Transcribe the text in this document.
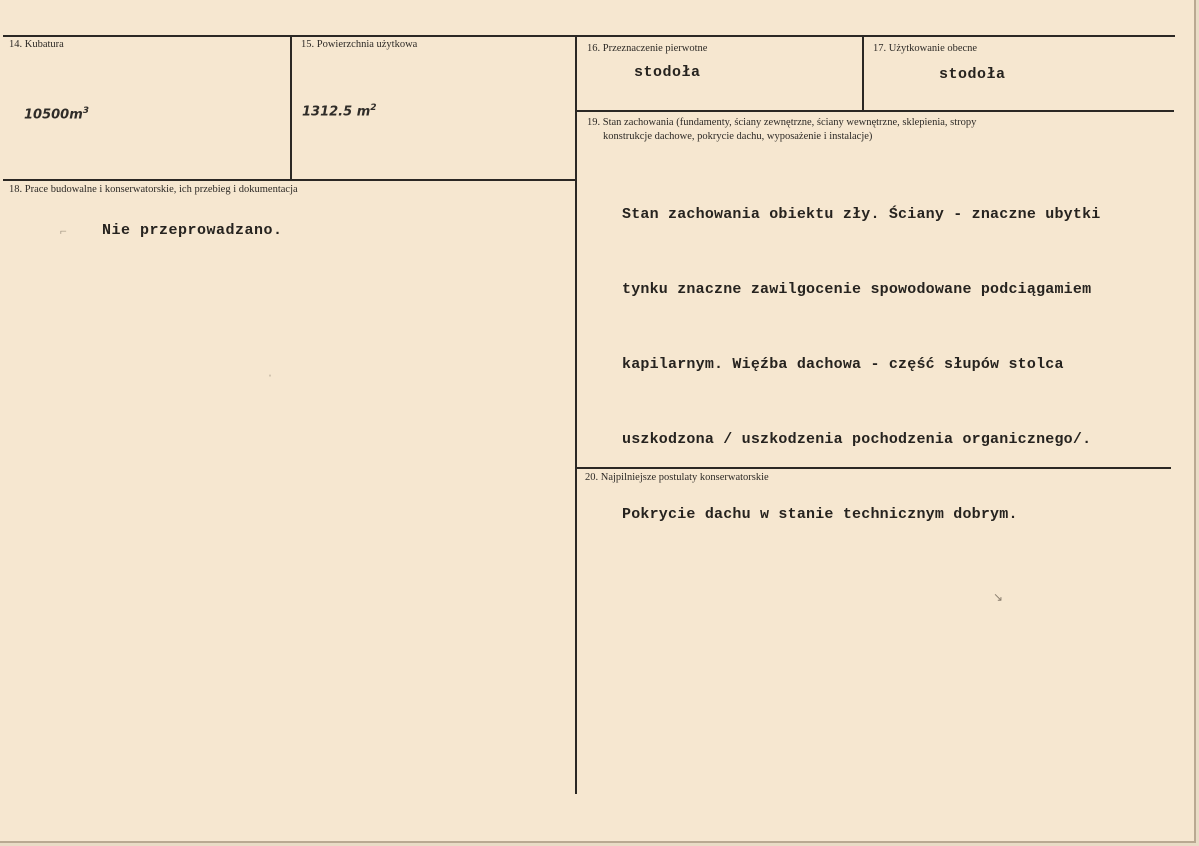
14. Kubatura
$10500m^3$
15. Powierzchnia użytkowa
1312.5 $m^2$
16. Przeznaczenie pierwotne
stodoła
17. Użytkowanie obecne
stodoła
18. Prace budowalne i konserwatorskie, ich przebieg i dokumentacja
Nie przeprowadzano.
19. Stan zachowania (fundamenty, ściany zewnętrzne, ściany wewnętrzne, sklepienia, stropy
konstrukcje dachowe, pokrycie dachu, wyposażenie i instalacje)

Stan zachowania obiektu zły. Ściany - znaczne ubytki

tynku znaczne zawilgocenie spowodowane podciągamiem

kapilarnym. Więźba dachowa - część słupów stolca

uszkodzona / uszkodzenia pochodzenia organicznego/.

Pokrycie dachu w stanie technicznym dobrym.

20. Najpilniejsze postulaty konserwatorskie
⌐
ˈ
↘
